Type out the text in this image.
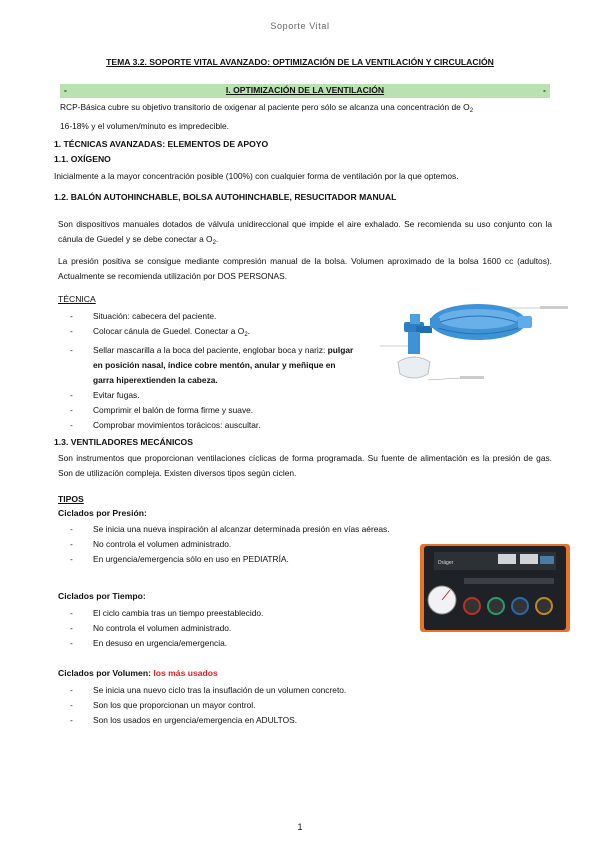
Soporte Vital
TEMA 3.2. SOPORTE VITAL AVANZADO: OPTIMIZACIÓN DE LA VENTILACIÓN Y CIRCULACIÓN
-	I. OPTIMIZACIÓN DE LA VENTILACIÓN	-
RCP-Básica cubre su objetivo transitorio de oxigenar al paciente pero sólo se alcanza una concentración de $O_2$
16-18% y el volumen/minuto es impredecible.
1. TÉCNICAS AVANZADAS: ELEMENTOS DE APOYO
1.1. OXÍGENO
Inicialmente a la mayor concentración posible (100%) con cualquier forma de ventilación por la que optemos.
1.2. BALÓN AUTOHINCHABLE, BOLSA AUTOHINCHABLE, RESUCITADOR MANUAL
Son dispositivos manuales dotados de válvula unidireccional que impide el aire exhalado. Se recomienda su uso conjunto con la cánula de Guedel y se debe conectar a $O_2$.
La presión positiva se consigue mediante compresión manual de la bolsa. Volumen aproximado de la bolsa 1600 cc (adultos). Actualmente se recomienda utilización por DOS PERSONAS.
TÉCNICA
- Situación: cabecera del paciente.
- Colocar cánula de Guedel. Conectar a $O_2$.
- Sellar mascarilla a la boca del paciente, englobar boca y nariz: pulgar en posición nasal, índice cobre mentón, anular y meñique en garra hiperextienden la cabeza.
- Evitar fugas.
- Comprimir el balón de forma firme y suave.
- Comprobar movimientos torácicos: auscultar.
1.3. VENTILADORES MECÁNICOS
Son instrumentos que proporcionan ventilaciones cíclicas de forma programada. Su fuente de alimentación es la presión de gas. Son de utilización compleja. Existen diversos tipos según ciclen.
TIPOS
Ciclados por Presión:
- Se inicia una nueva inspiración al alcanzar determinada presión en vías aéreas.
- No controla el volumen administrado.
- En urgencia/emergencia sólo en uso en PEDIATRÍA.	Dräger
Ciclados por Tiempo:
- El ciclo cambia tras un tiempo preestablecido.
- No controla el volumen administrado.
- En desuso en urgencia/emergencia.
Ciclados por Volumen: los más usados
- Se inicia una nuevo ciclo tras la insuflación de un volumen concreto.
- Son los que proporcionan un mayor control.
- Son los usados en urgencia/emergencia en ADULTOS.
1
